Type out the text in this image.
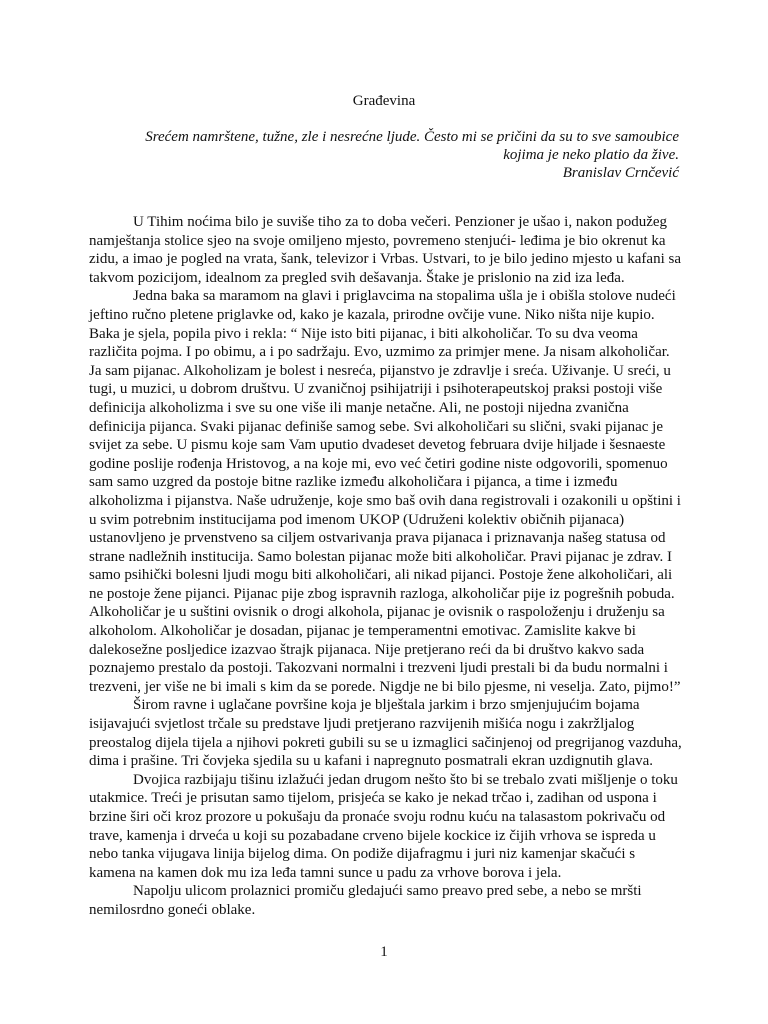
Građevina
Srećem namrštene, tužne, zle i nesrećne ljude. Često mi se pričini da su to sve samoubice
kojima je neko platio da žive.
Branislav Crnčević

U Tihim noćima bilo je suviše tiho za to doba večeri. Penzioner je ušao i, nakon podužeg namještanja stolice sjeo na svoje omiljeno mjesto, povremeno stenjući- leđima je bio okrenut ka zidu, a imao je pogled na vrata, šank, televizor i Vrbas. Ustvari, to je bilo jedino mjesto u kafani sa takvom pozicijom, idealnom za pregled svih dešavanja. Štake je prislonio na zid iza leđa.

Jedna baka sa maramom na glavi i priglavcima na stopalima ušla je i obišla stolove nudeći jeftino ručno pletene priglavke od, kako je kazala, prirodne ovčije vune. Niko ništa nije kupio. Baka je sjela, popila pivo i rekla: “ Nije isto biti pijanac, i biti alkoholičar. To su dva veoma različita pojma. I po obimu, a i po sadržaju. Evo, uzmimo za primjer mene. Ja nisam alkoholičar. Ja sam pijanac. Alkoholizam je bolest i nesreća, pijanstvo je zdravlje i sreća. Uživanje. U sreći, u tugi, u muzici, u dobrom društvu. U zvaničnoj psihijatriji i psihoterapeutskoj praksi postoji više definicija alkoholizma i sve su one više ili manje netačne. Ali, ne postoji nijedna zvanična definicija pijanca. Svaki pijanac definiše samog sebe. Svi alkoholičari su slični, svaki pijanac je svijet za sebe. U pismu koje sam Vam uputio dvadeset devetog februara dvije hiljade i šesnaeste godine poslije rođenja Hristovog, a na koje mi, evo već četiri godine niste odgovorili, spomenuo sam samo uzgred da postoje bitne razlike između alkoholičara i pijanca, a time i između alkoholizma i pijanstva. Naše udruženje, koje smo baš ovih dana registrovali i ozakonili u opštini i u svim potrebnim institucijama pod imenom UKOP (Udruženi kolektiv običnih pijanaca) ustanovljeno je prvenstveno sa ciljem ostvarivanja prava pijanaca i priznavanja našeg statusa od strane nadležnih institucija. Samo bolestan pijanac može biti alkoholičar. Pravi pijanac je zdrav. I samo psihički bolesni ljudi mogu biti alkoholičari, ali nikad pijanci. Postoje žene alkoholičari, ali ne postoje žene pijanci. Pijanac pije zbog ispravnih razloga, alkoholičar pije iz pogrešnih pobuda. Alkoholičar je u suštini ovisnik o drogi alkohola, pijanac je ovisnik o raspoloženju i druženju sa alkoholom. Alkoholičar je dosadan, pijanac je temperamentni emotivac. Zamislite kakve bi dalekosežne posljedice izazvao štrajk pijanaca. Nije pretjerano reći da bi društvo kakvo sada poznajemo prestalo da postoji. Takozvani normalni i trezveni ljudi prestali bi da budu normalni i trezveni, jer više ne bi imali s kim da se porede. Nigdje ne bi bilo pjesme, ni veselja. Zato, pijmo!”

Širom ravne i uglačane površine koja je blještala jarkim i brzo smjenjujućim bojama isijavajući svjetlost trčale su predstave ljudi pretjerano razvijenih mišića nogu i zakržljalog preostalog dijela tijela a njihovi pokreti gubili su se u izmaglici sačinjenoj od pregrijanog vazduha, dima i prašine. Tri čovjeka sjedila su u kafani i napregnuto posmatrali ekran uzdignutih glava.

Dvojica razbijaju tišinu izlažući jedan drugom nešto što bi se trebalo zvati mišljenje o toku utakmice. Treći je prisutan samo tijelom, prisjeća se kako je nekad trčao i, zadihan od uspona i brzine širi oči kroz prozore u pokušaju da pronaće svoju rodnu kuću na talasastom pokrivaču od trave, kamenja i drveća u koji su pozabadane crveno bijele kockice iz čijih vrhova se ispreda u nebo tanka vijugava linija bijelog dima. On podiže dijafragmu i juri niz kamenjar skačući s kamena na kamen dok mu iza leđa tamni sunce u padu za vrhove borova i jela.

Napolju ulicom prolaznici promiču gledajući samo preavo pred sebe, a nebo se mršti nemilosrdno goneći oblake.

1
